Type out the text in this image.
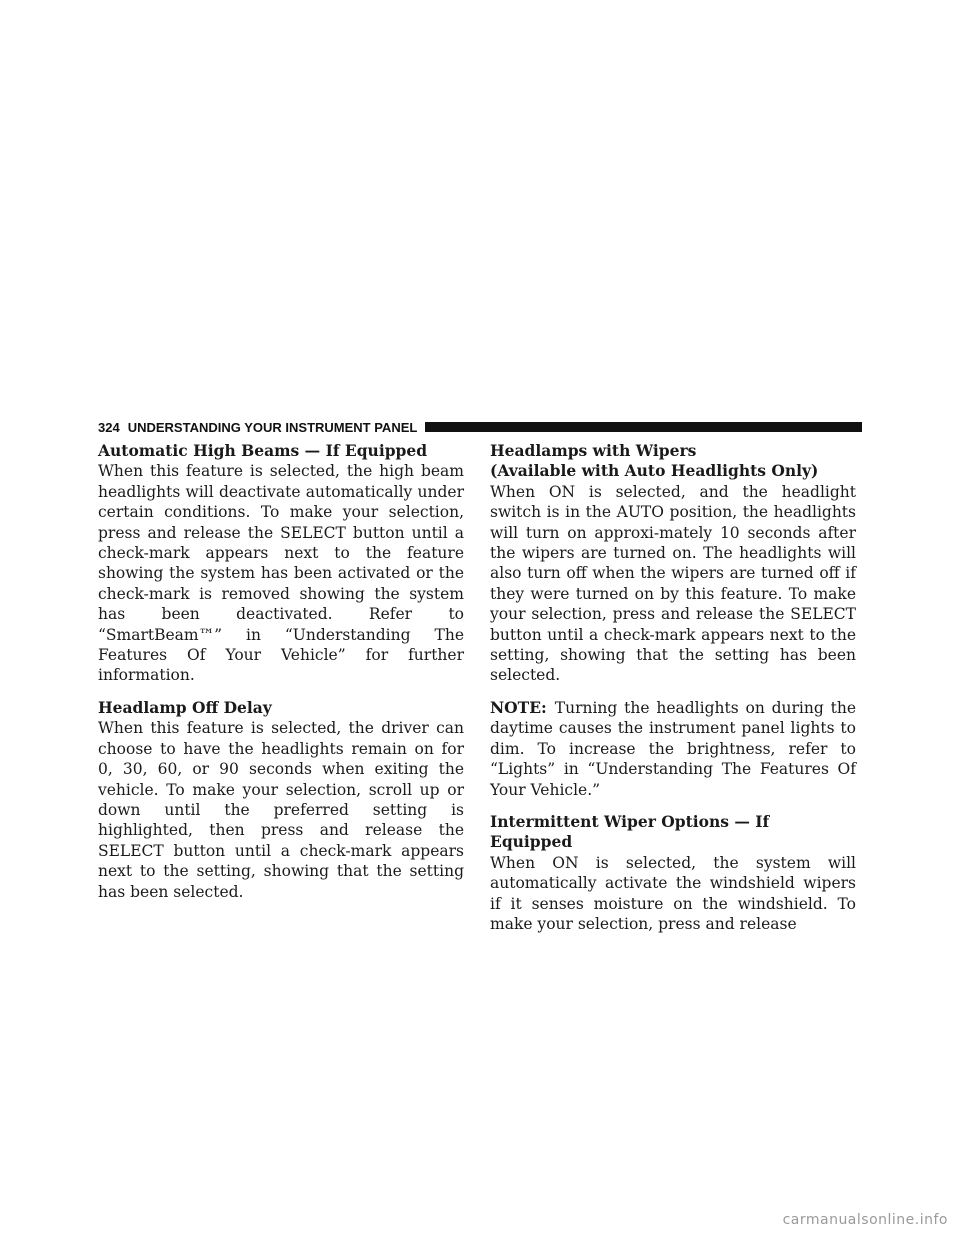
324 UNDERSTANDING YOUR INSTRUMENT PANEL

Automatic High Beams — If Equipped

When this feature is selected, the high beam headlights will deactivate automatically under certain conditions. To make your selection, press and release the SELECT button until a check-mark appears next to the feature showing the system has been activated or the check-mark is removed showing the system has been deactivated. Refer to “SmartBeam™” in “Understanding The Features Of Your Vehicle” for further information.

Headlamp Off Delay

When this feature is selected, the driver can choose to have the headlights remain on for 0, 30, 60, or 90 seconds when exiting the vehicle. To make your selection, scroll up or down until the preferred setting is highlighted, then press and release the SELECT button until a check-mark appears next to the setting, showing that the setting has been selected.

Headlamps with Wipers

(Available with Auto Headlights Only)

When ON is selected, and the headlight switch is in the AUTO position, the headlights will turn on approxi-mately 10 seconds after the wipers are turned on. The headlights will also turn off when the wipers are turned off if they were turned on by this feature. To make your selection, press and release the SELECT button until a check-mark appears next to the setting, showing that the setting has been selected.

NOTE: Turning the headlights on during the daytime causes the instrument panel lights to dim. To increase the brightness, refer to “Lights” in “Understanding The Features Of Your Vehicle.”

Intermittent Wiper Options — If Equipped

When ON is selected, the system will automatically activate the windshield wipers if it senses moisture on the windshield. To make your selection, press and release

carmanualsonline.info
